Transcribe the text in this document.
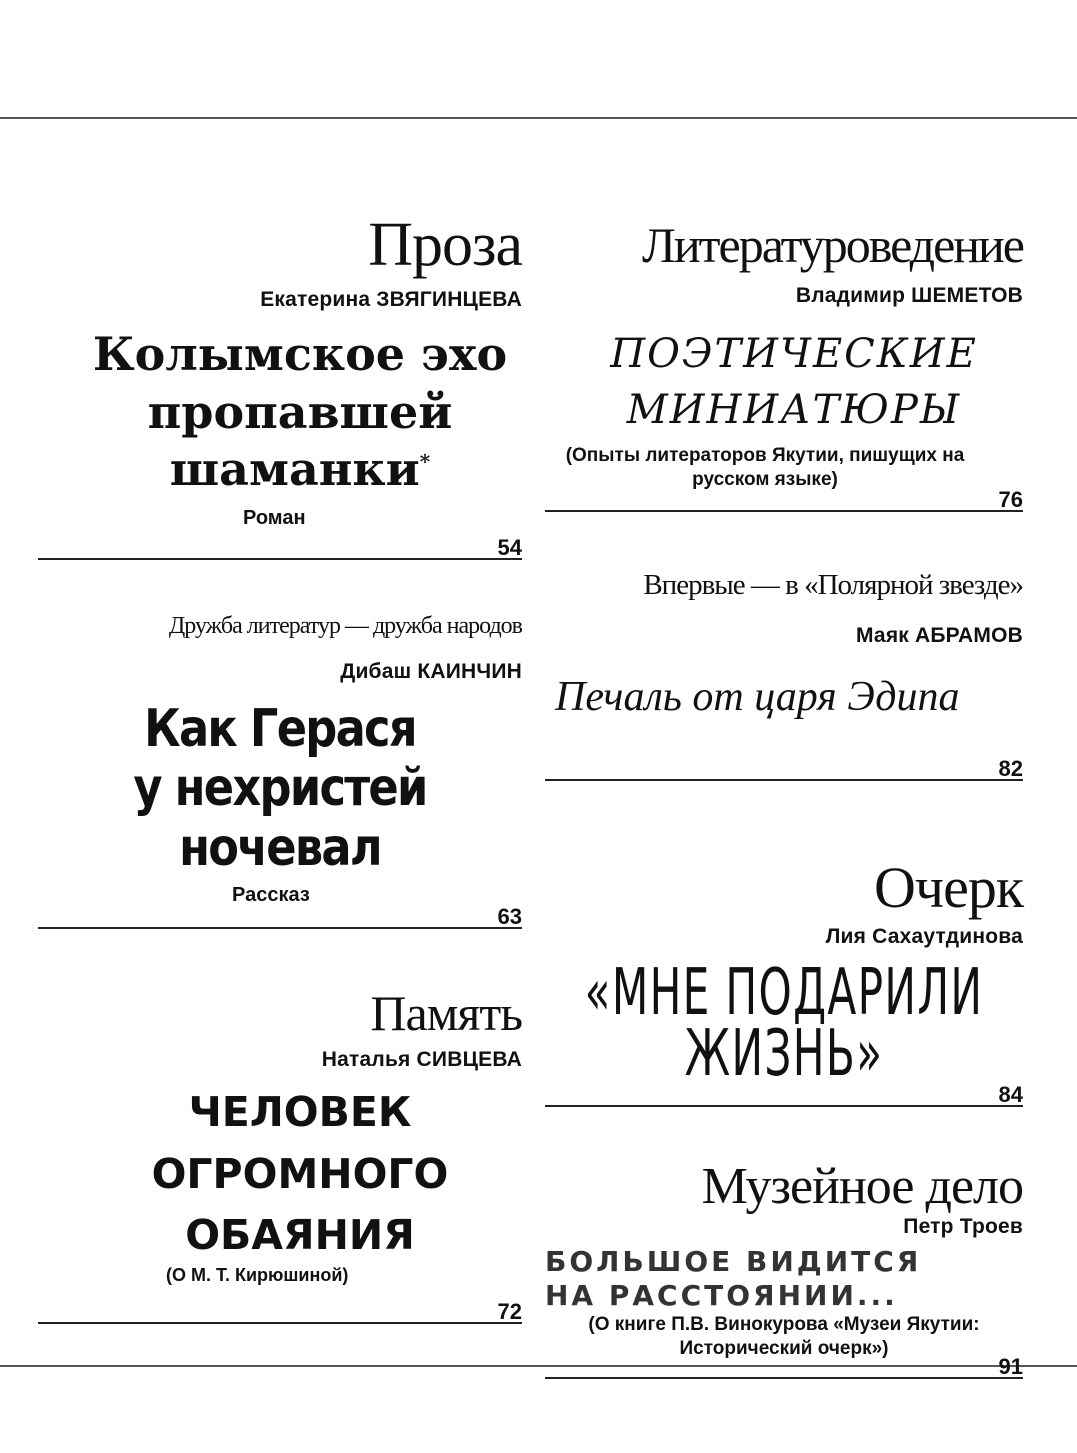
Проза
Екатерина ЗВЯГИНЦЕВА
Колымское эхо
пропавшей
шаманки*
Роман
54
Дружба литератур — дружба народов
Дибаш КАИНЧИН
Как Герася
у нехристей
ночевал
Рассказ
63
Память
Наталья СИВЦЕВА
ЧЕЛОВЕК
ОГРОМНОГО
ОБАЯНИЯ
(О М. Т. Кирюшиной)
72
Литературоведение
Владимир ШЕМЕТОВ
ПОЭТИЧЕСКИЕ
МИНИАТЮРЫ
(Опыты литераторов Якутии, пишущих на
русском языке)
76
Впервые — в «Полярной звезде»
Маяк АБРАМОВ
Печаль от царя Эдипа
82
Очерк
Лия Сахаутдинова
«МНЕ ПОДАРИЛИ
ЖИЗНЬ»
84
Музейное дело
Петр Троев
БОЛЬШОЕ ВИДИТСЯ
НА РАССТОЯНИИ...
(О книге П.В. Винокурова «Музеи Якутии:
Исторический очерк»)
91
